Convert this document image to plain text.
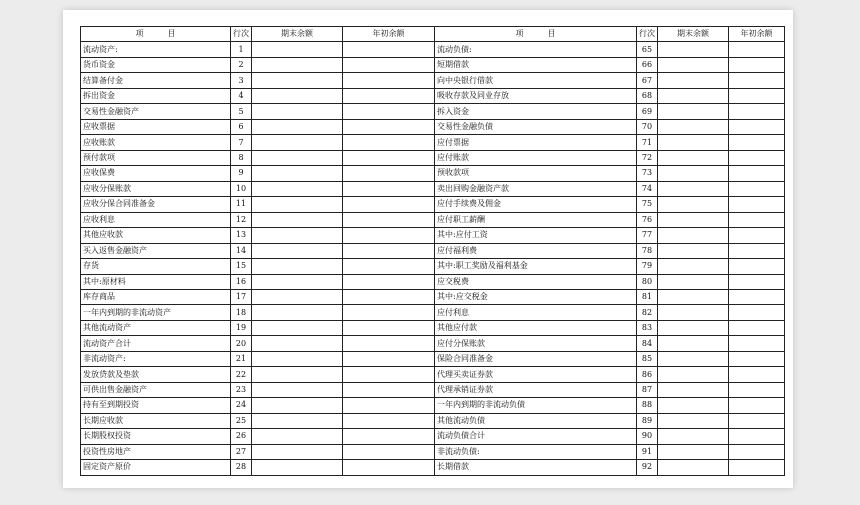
项　　　目	行次	期末余额	年初余额	项　　　目	行次	期末余额	年初余额
流动资产:	1			流动负债:	65		
货币资金	2			短期借款	66		
结算备付金	3			向中央银行借款	67		
拆出资金	4			吸收存款及同业存放	68		
交易性金融资产	5			拆入资金	69		
应收票据	6			交易性金融负债	70		
应收账款	7			应付票据	71		
预付款项	8			应付账款	72		
应收保费	9			预收款项	73		
应收分保账款	10			卖出回购金融资产款	74		
应收分保合同准备金	11			应付手续费及佣金	75		
应收利息	12			应付职工薪酬	76		
其他应收款	13			其中:应付工资	77		
买入返售金融资产	14			应付福利费	78		
存货	15			其中:职工奖励及福利基金	79		
其中:原材料	16			应交税费	80		
库存商品	17			其中:应交税金	81		
一年内到期的非流动资产	18			应付利息	82		
其他流动资产	19			其他应付款	83		
流动资产合计	20			应付分保账款	84		
非流动资产:	21			保险合同准备金	85		
发放贷款及垫款	22			代理买卖证券款	86		
可供出售金融资产	23			代理承销证券款	87		
持有至到期投资	24			一年内到期的非流动负债	88		
长期应收款	25			其他流动负债	89		
长期股权投资	26			流动负债合计	90		
投资性房地产	27			非流动负债:	91		
固定资产原价	28			长期借款	92		
